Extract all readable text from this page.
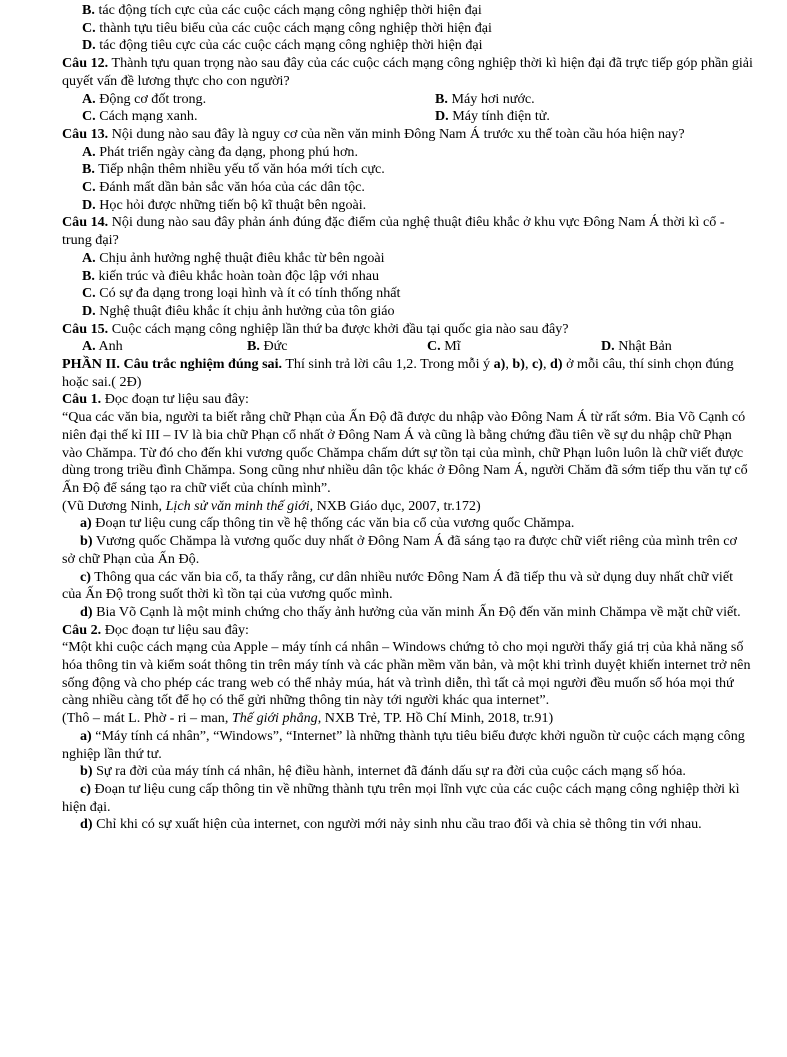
B. tác động tích cực của các cuộc cách mạng công nghiệp thời hiện đại

C. thành tựu tiêu biểu của các cuộc cách mạng công nghiệp thời hiện đại

D. tác động tiêu cực của các cuộc cách mạng công nghiệp thời hiện đại

Câu 12. Thành tựu quan trọng nào sau đây của các cuộc cách mạng công nghiệp thời kì hiện đại đã trực tiếp góp phần giải quyết vấn đề lương thực cho con người?

A. Động cơ đốt trong.	B. Máy hơi nước.
C. Cách mạng xanh.	D. Máy tính điện tử.

Câu 13. Nội dung nào sau đây là nguy cơ của nền văn minh Đông Nam Á trước xu thế toàn cầu hóa hiện nay?

A. Phát triển ngày càng đa dạng, phong phú hơn.

B. Tiếp nhận thêm nhiều yếu tố văn hóa mới tích cực.

C. Đánh mất dần bản sắc văn hóa của các dân tộc.

D. Học hỏi được những tiến bộ kĩ thuật bên ngoài.

Câu 14. Nội dung nào sau đây phản ánh đúng đặc điểm của nghệ thuật điêu khắc ở khu vực Đông Nam Á thời kì cổ - trung đại?

A. Chịu ảnh hưởng nghệ thuật điêu khắc từ bên ngoài

B. kiến trúc và điêu khắc hoàn toàn độc lập với nhau

C. Có sự đa dạng trong loại hình và ít có tính thống nhất

D. Nghệ thuật điêu khắc ít chịu ảnh hưởng của tôn giáo

Câu 15. Cuộc cách mạng công nghiệp lần thứ ba được khởi đầu tại quốc gia nào sau đây?

A. Anh	B. Đức	C. Mĩ	D. Nhật Bản

PHẦN II. Câu trắc nghiệm đúng sai. Thí sinh trả lời câu 1,2. Trong mỗi ý a), b), c), d) ở mỗi câu, thí sinh chọn đúng hoặc sai.( 2Đ)

Câu 1. Đọc đoạn tư liệu sau đây:

“Qua các văn bia, người ta biết rằng chữ Phạn của Ấn Độ đã được du nhập vào Đông Nam Á từ rất sớm. Bia Võ Cạnh có niên đại thế kỉ III – IV là bia chữ Phạn cổ nhất ở Đông Nam Á và cũng là bằng chứng đầu tiên về sự du nhập chữ Phạn vào Chămpa. Từ đó cho đến khi vương quốc Chămpa chấm dứt sự tồn tại của mình, chữ Phạn luôn luôn là chữ viết được dùng trong triều đình Chămpa. Song cũng như nhiều dân tộc khác ở Đông Nam Á, người Chăm đã sớm tiếp thu văn tự cổ Ấn Độ để sáng tạo ra chữ viết của chính mình”.

(Vũ Dương Ninh, Lịch sử văn minh thế giới, NXB Giáo dục, 2007, tr.172)

a) Đoạn tư liệu cung cấp thông tin về hệ thống các văn bia cổ của vương quốc Chămpa.

b) Vương quốc Chămpa là vương quốc duy nhất ở Đông Nam Á đã sáng tạo ra được chữ viết riêng của mình trên cơ sở chữ Phạn của Ấn Độ.

c) Thông qua các văn bia cổ, ta thấy rằng, cư dân nhiều nước Đông Nam Á đã tiếp thu và sử dụng duy nhất chữ viết của Ấn Độ trong suốt thời kì tồn tại của vương quốc mình.

d) Bia Võ Cạnh là một minh chứng cho thấy ảnh hưởng của văn minh Ấn Độ đến văn minh Chămpa về mặt chữ viết.

Câu 2. Đọc đoạn tư liệu sau đây:

“Một khi cuộc cách mạng của Apple – máy tính cá nhân – Windows chứng tỏ cho mọi người thấy giá trị của khả năng số hóa thông tin và kiểm soát thông tin trên máy tính và các phần mềm văn bản, và một khi trình duyệt khiến internet trở nên sống động và cho phép các trang web có thể nhảy múa, hát và trình diễn, thì tất cả mọi người đều muốn số hóa mọi thứ càng nhiều càng tốt để họ có thể gửi những thông tin này tới người khác qua internet”.

(Thô – mát L. Phờ - ri – man, Thế giới phẳng, NXB Trẻ, TP. Hồ Chí Minh, 2018, tr.91)

a) “Máy tính cá nhân”, “Windows”, “Internet” là những thành tựu tiêu biểu được khởi nguồn từ cuộc cách mạng công nghiệp lần thứ tư.

b) Sự ra đời của máy tính cá nhân, hệ điều hành, internet đã đánh dấu sự ra đời của cuộc cách mạng số hóa.

c) Đoạn tư liệu cung cấp thông tin về những thành tựu trên mọi lĩnh vực của các cuộc cách mạng công nghiệp thời kì hiện đại.

d) Chỉ khi có sự xuất hiện của internet, con người mới nảy sinh nhu cầu trao đổi và chia sẻ thông tin với nhau.
